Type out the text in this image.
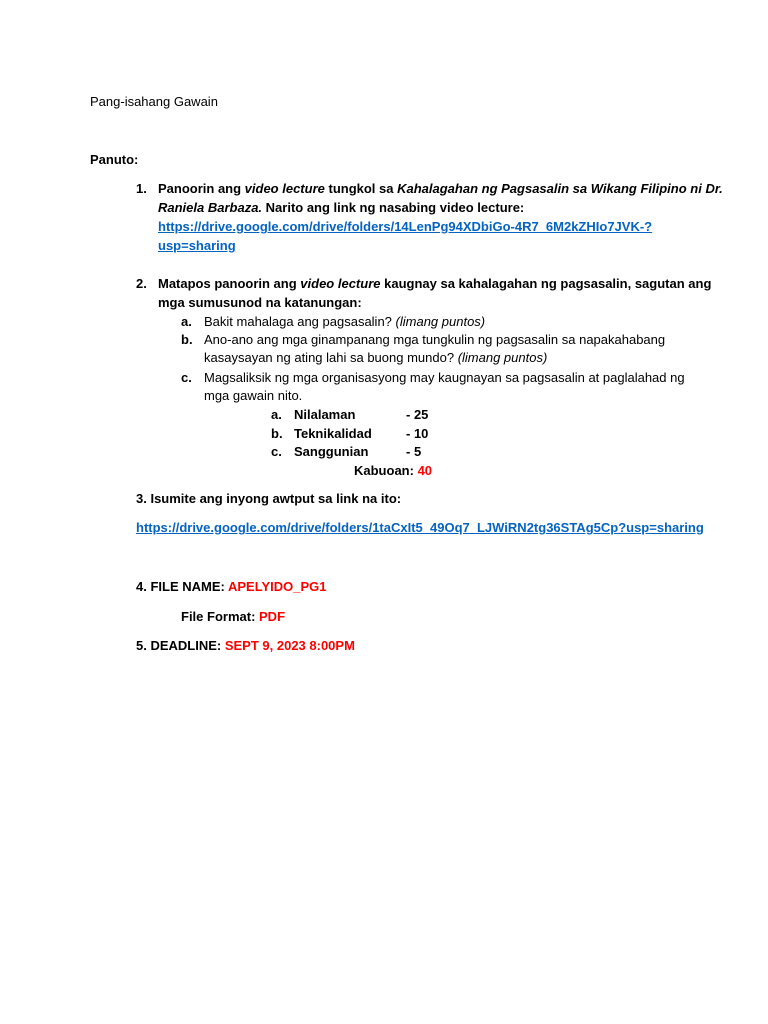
Pang-isahang Gawain
Panuto:
1. Panoorin ang video lecture tungkol sa Kahalagahan ng Pagsasalin sa Wikang Filipino ni Dr.
Raniela Barbaza. Narito ang link ng nasabing video lecture:
https://drive.google.com/drive/folders/14LenPg94XDbiGo-4R7_6M2kZHIo7JVK-?
usp=sharing
2. Matapos panoorin ang video lecture kaugnay sa kahalagahan ng pagsasalin, sagutan ang
mga sumusunod na katanungan:
a. Bakit mahalaga ang pagsasalin? (limang puntos)
b. Ano-ano ang mga ginampanang mga tungkulin ng pagsasalin sa napakahabang
kasaysayan ng ating lahi sa buong mundo? (limang puntos)
c. Magsaliksik ng mga organisasyong may kaugnayan sa pagsasalin at paglalahad ng
mga gawain nito.
a. Nilalaman	- 25
b. Teknikalidad	- 10
c. Sanggunian	- 5
Kabuoan: 40
3. Isumite ang inyong awtput sa link na ito:
https://drive.google.com/drive/folders/1taCxIt5_49Oq7_LJWiRN2tg36STAg5Cp?usp=sharing
4. FILE NAME: APELYIDO_PG1
File Format: PDF
5. DEADLINE: SEPT 9, 2023 8:00PM
